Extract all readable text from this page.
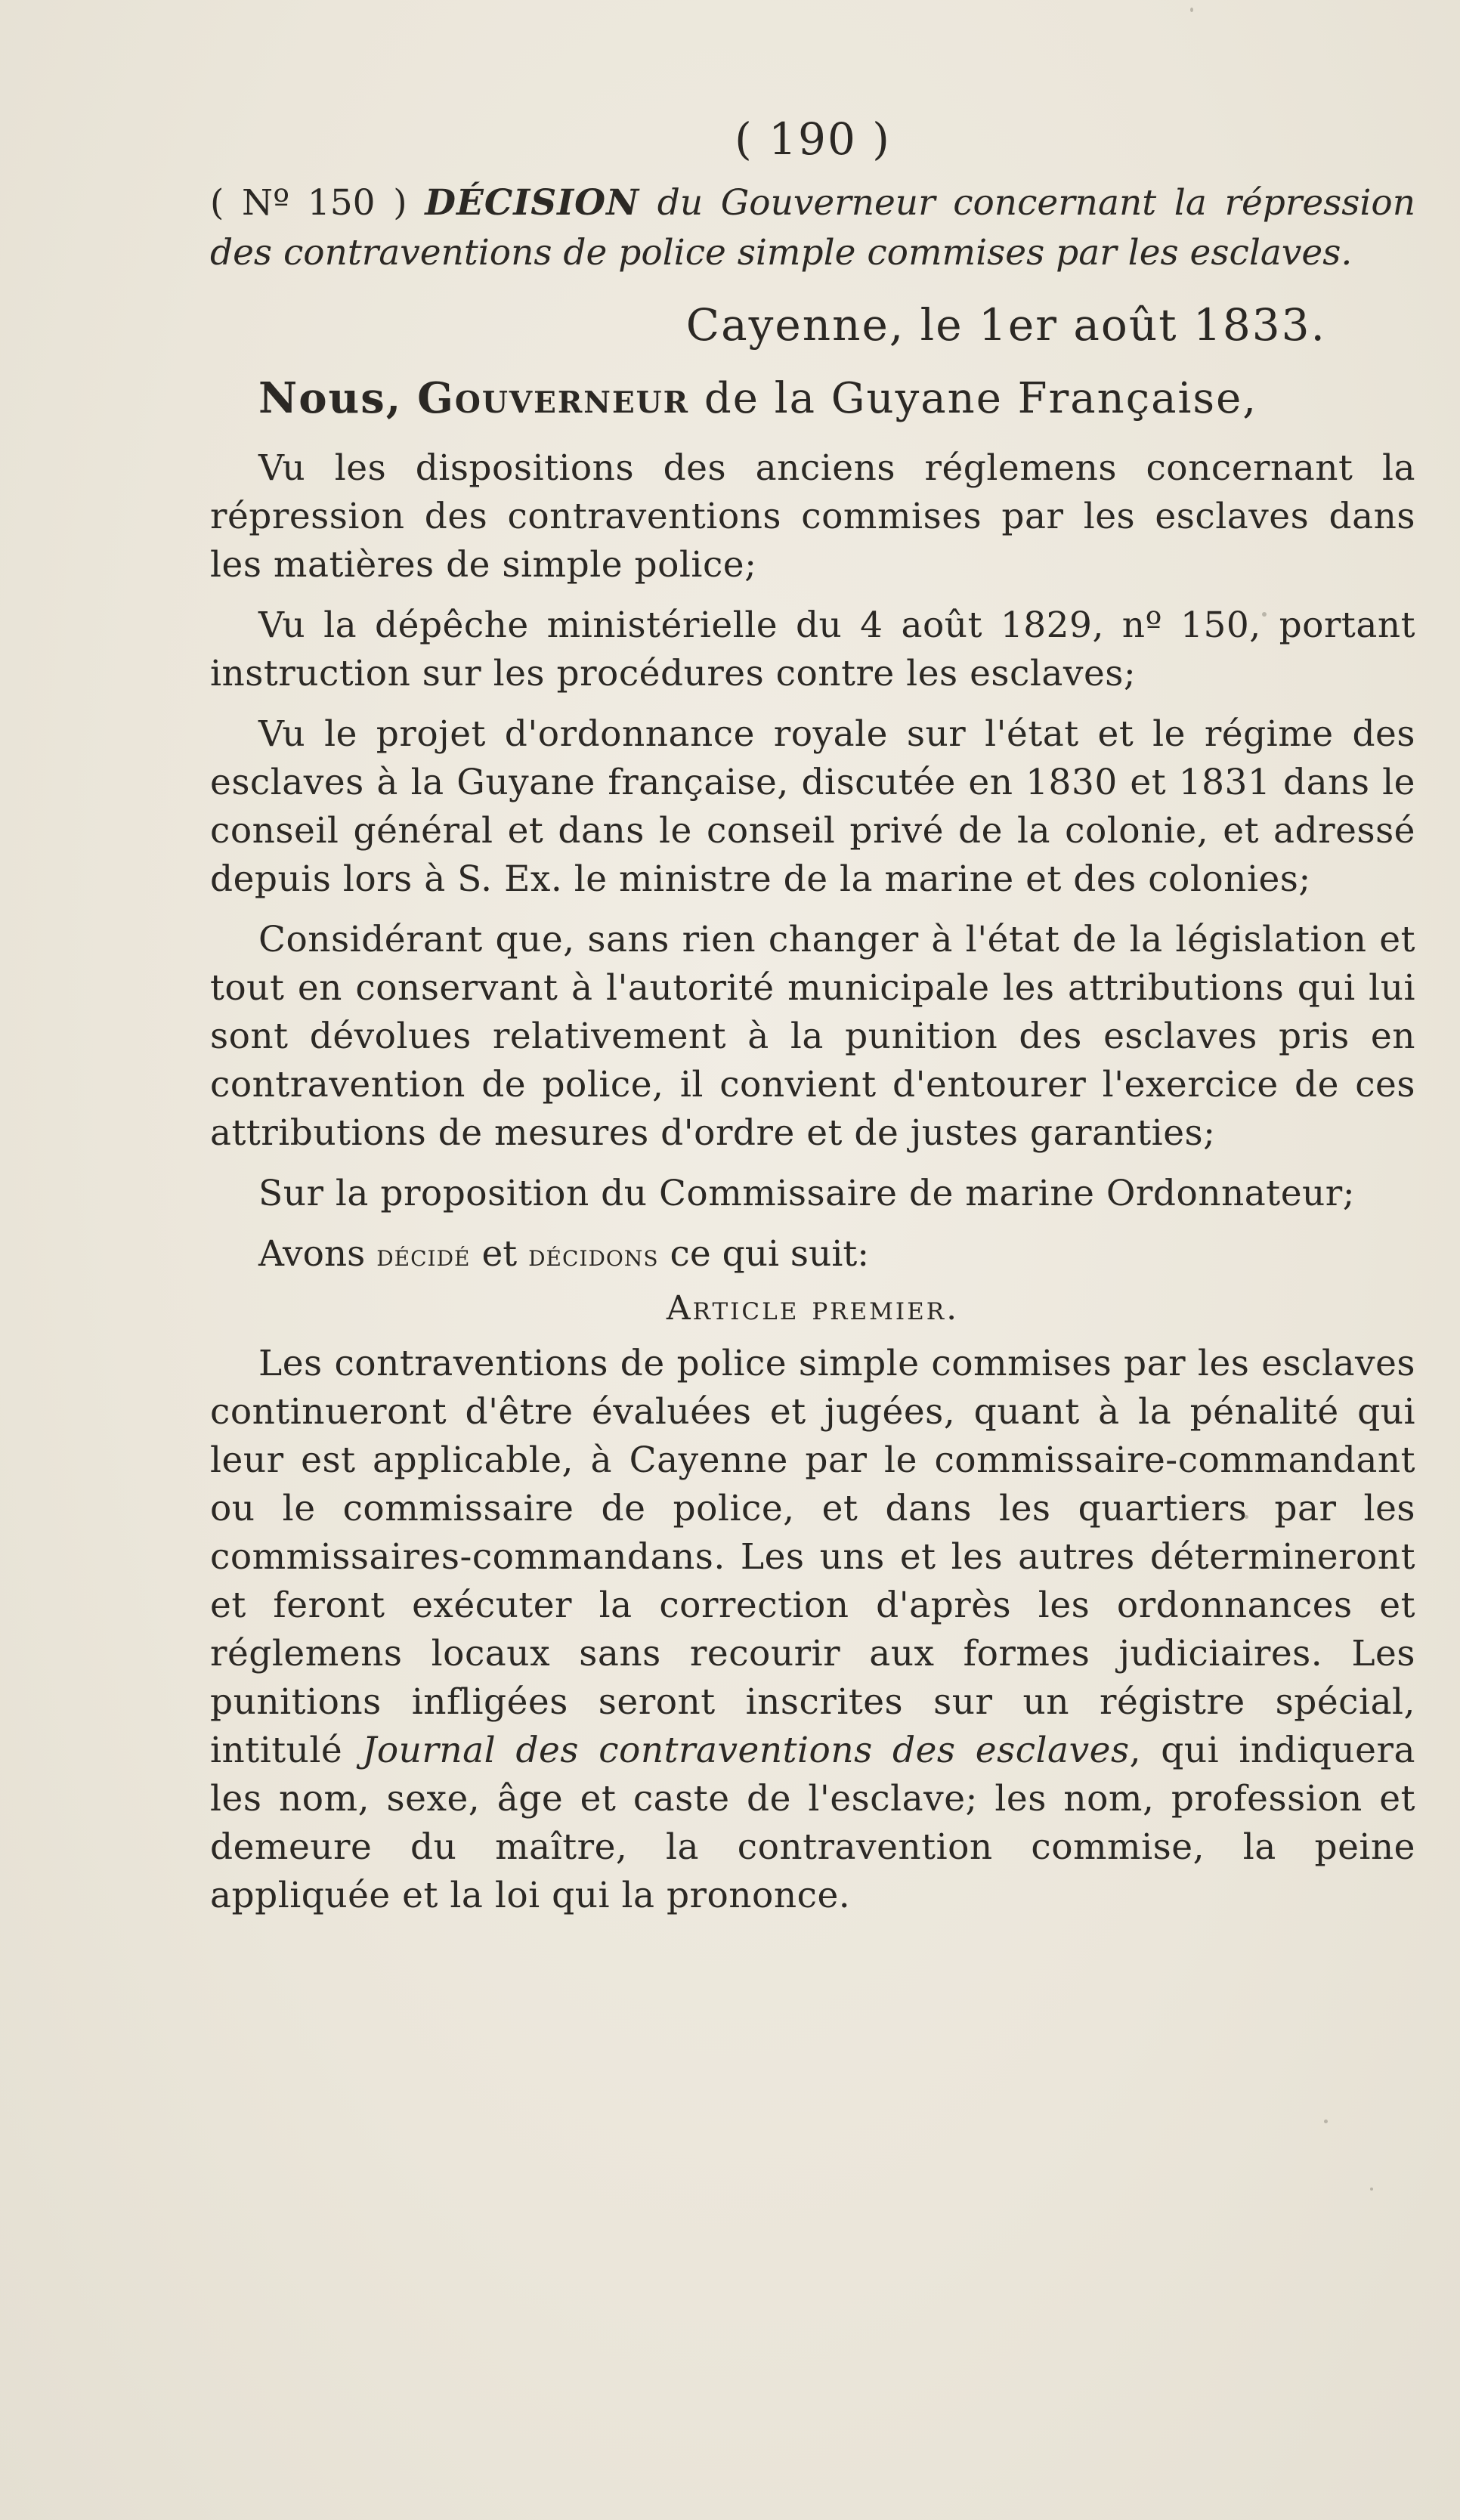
( 190 )

( Nº 150 ) DÉCISION du Gouverneur concernant la répression des contraventions de police simple commises par les esclaves.

Cayenne, le 1er août 1833.
Nous, Gouverneur de la Guyane Française,

Vu les dispositions des anciens réglemens concernant la répression des contraventions commises par les esclaves dans les matières de simple police;

Vu la dépêche ministérielle du 4 août 1829, nº 150, portant instruction sur les procédures contre les esclaves;

Vu le projet d'ordonnance royale sur l'état et le régime des esclaves à la Guyane française, discutée en 1830 et 1831 dans le conseil général et dans le conseil privé de la colonie, et adressé depuis lors à S. Ex. le ministre de la marine et des colonies;

Considérant que, sans rien changer à l'état de la législation et tout en conservant à l'autorité municipale les attributions qui lui sont dévolues relativement à la punition des esclaves pris en contravention de police, il convient d'entourer l'exercice de ces attributions de mesures d'ordre et de justes garanties;

Sur la proposition du Commissaire de marine Ordonnateur;

Avons décidé et décidons ce qui suit:
Article premier.

Les contraventions de police simple commises par les esclaves continueront d'être évaluées et jugées, quant à la pénalité qui leur est applicable, à Cayenne par le commissaire-commandant ou le commissaire de police, et dans les quartiers par les commissaires-commandans. Les uns et les autres détermineront et feront exécuter la correction d'après les ordonnances et réglemens locaux sans recourir aux formes judiciaires. Les punitions infligées seront inscrites sur un régistre spécial, intitulé Journal des contraventions des esclaves, qui indiquera les nom, sexe, âge et caste de l'esclave; les nom, profession et demeure du maître, la contravention commise, la peine appliquée et la loi qui la prononce.
